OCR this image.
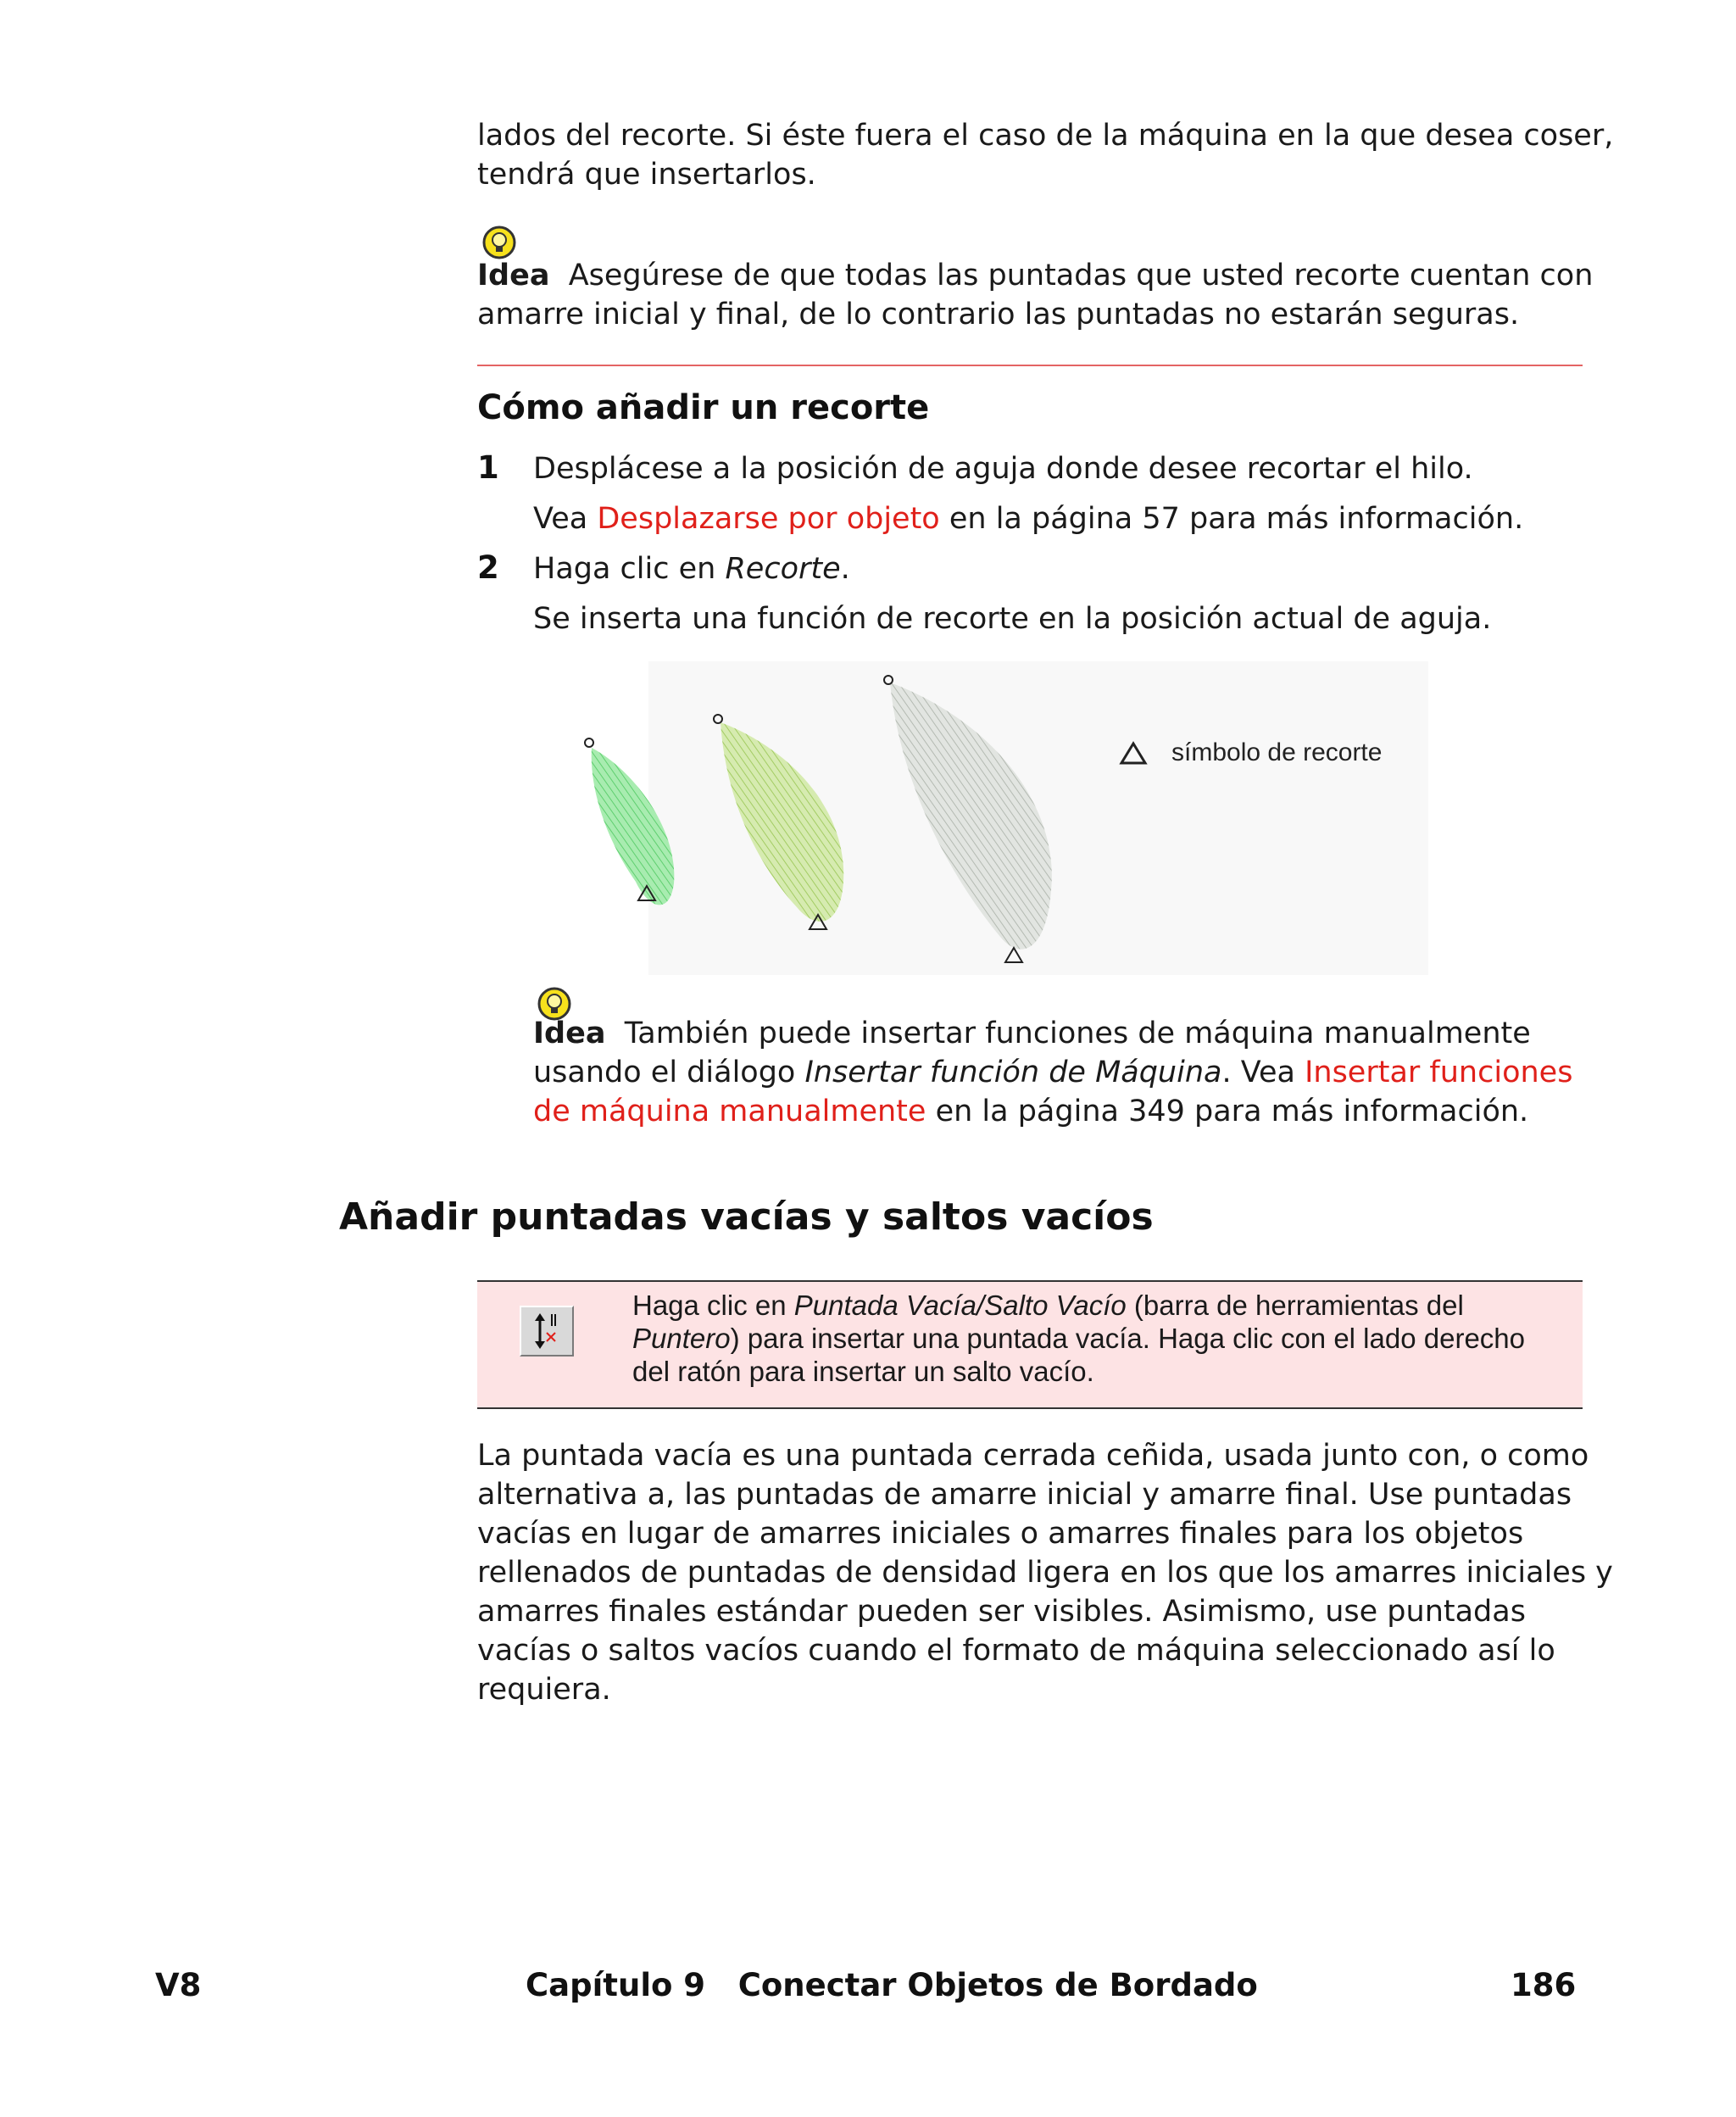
lados del recorte. Si éste fuera el caso de la máquina en la que desea coser,
tendrá que insertarlos.
Idea Asegúrese de que todas las puntadas que usted recorte cuentan con
amarre inicial y final, de lo contrario las puntadas no estarán seguras.
Cómo añadir un recorte
1 Desplácese a la posición de aguja donde desee recortar el hilo.
Vea Desplazarse por objeto en la página 57 para más información.
2 Haga clic en Recorte.
Se inserta una función de recorte en la posición actual de aguja.
símbolo de recorte
Idea También puede insertar funciones de máquina manualmente
usando el diálogo Insertar función de Máquina. Vea Insertar funciones
de máquina manualmente en la página 349 para más información.
Añadir puntadas vacías y saltos vacíos
Haga clic en Puntada Vacía/Salto Vacío (barra de herramientas del
Puntero) para insertar una puntada vacía. Haga clic con el lado derecho
del ratón para insertar un salto vacío.
La puntada vacía es una puntada cerrada ceñida, usada junto con, o como
alternativa a, las puntadas de amarre inicial y amarre final. Use puntadas
vacías en lugar de amarres iniciales o amarres finales para los objetos
rellenados de puntadas de densidad ligera en los que los amarres iniciales y
amarres finales estándar pueden ser visibles. Asimismo, use puntadas
vacías o saltos vacíos cuando el formato de máquina seleccionado así lo
requiera.
V8	Capítulo 9   Conectar Objetos de Bordado	186
